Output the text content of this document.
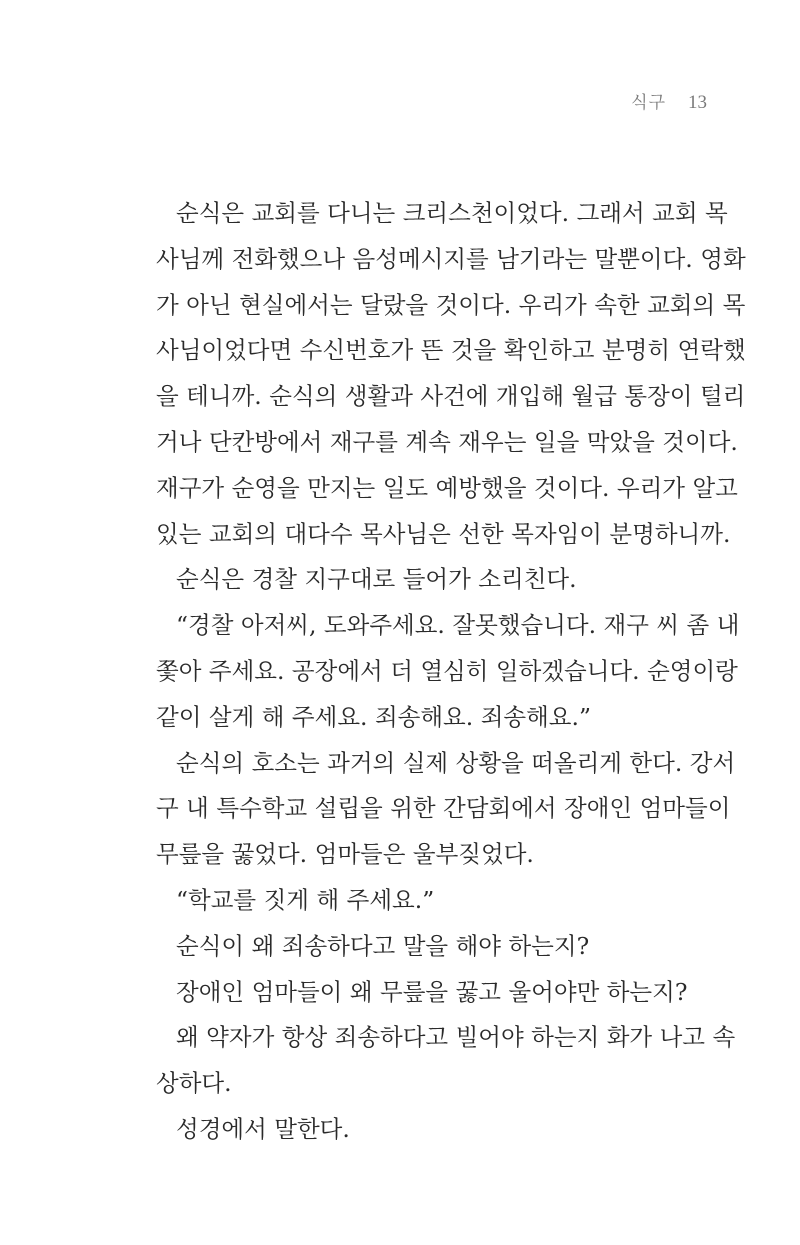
식구 13
순식은 교회를 다니는 크리스천이었다. 그래서 교회 목
사님께 전화했으나 음성메시지를 남기라는 말뿐이다. 영화
가 아닌 현실에서는 달랐을 것이다. 우리가 속한 교회의 목
사님이었다면 수신번호가 뜬 것을 확인하고 분명히 연락했
을 테니까. 순식의 생활과 사건에 개입해 월급 통장이 털리
거나 단칸방에서 재구를 계속 재우는 일을 막았을 것이다.
재구가 순영을 만지는 일도 예방했을 것이다. 우리가 알고
있는 교회의 대다수 목사님은 선한 목자임이 분명하니까.
순식은 경찰 지구대로 들어가 소리친다.
“경찰 아저씨, 도와주세요. 잘못했습니다. 재구 씨 좀 내
쫓아 주세요. 공장에서 더 열심히 일하겠습니다. 순영이랑
같이 살게 해 주세요. 죄송해요. 죄송해요.”
순식의 호소는 과거의 실제 상황을 떠올리게 한다. 강서
구 내 특수학교 설립을 위한 간담회에서 장애인 엄마들이
무릎을 꿇었다. 엄마들은 울부짖었다.
“학교를 짓게 해 주세요.”
순식이 왜 죄송하다고 말을 해야 하는지?
장애인 엄마들이 왜 무릎을 꿇고 울어야만 하는지?
왜 약자가 항상 죄송하다고 빌어야 하는지 화가 나고 속
상하다.
성경에서 말한다.
